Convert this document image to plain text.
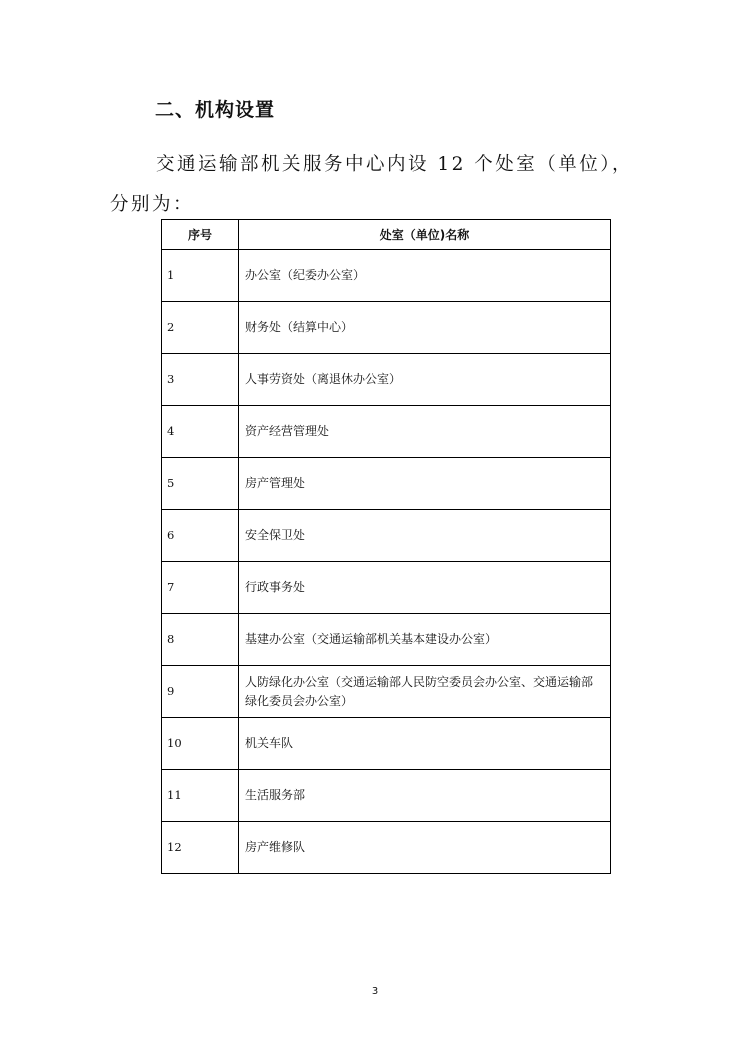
二、机构设置

交通运输部机关服务中心内设 12 个处室（单位），分别为：

序号	处室（单位)名称
1	办公室（纪委办公室）
2	财务处（结算中心）
3	人事劳资处（离退休办公室）
4	资产经营管理处
5	房产管理处
6	安全保卫处
7	行政事务处
8	基建办公室（交通运输部机关基本建设办公室）
9	人防绿化办公室（交通运输部人民防空委员会办公室、交通运输部绿化委员会办公室）
10	机关车队
11	生活服务部
12	房产维修队
3
